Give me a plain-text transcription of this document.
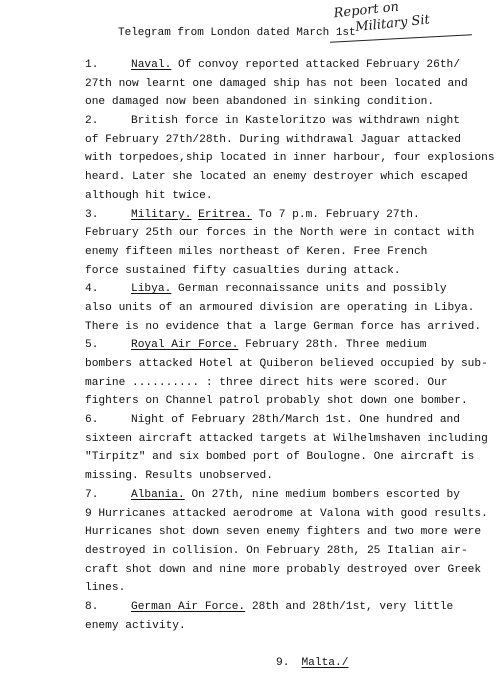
Telegram from London dated March 1st
Report on
Military Sit
1.	Naval. Of convoy reported attacked February 26th/
27th now learnt one damaged ship has not been located and
one damaged now been abandoned in sinking condition.
2.	British force in Kasteloritzo was withdrawn night
of February 27th/28th. During withdrawal Jaguar attacked
with torpedoes,ship located in inner harbour, four explosions
heard. Later she located an enemy destroyer which escaped
although hit twice.
3.	Military. Eritrea. To 7 p.m. February 27th.
February 25th our forces in the North were in contact with
enemy fifteen miles northeast of Keren. Free French
force sustained fifty casualties during attack.
4.	Libya. German reconnaissance units and possibly
also units of an armoured division are operating in Libya.
There is no evidence that a large German force has arrived.
5.	Royal Air Force. February 28th. Three medium
bombers attacked Hotel at Quiberon believed occupied by sub-
marine .......... : three direct hits were scored. Our
fighters on Channel patrol probably shot down one bomber.
6.	Night of February 28th/March 1st. One hundred and
sixteen aircraft attacked targets at Wilhelmshaven including
"Tirpitz" and six bombed port of Boulogne. One aircraft is
missing. Results unobserved.
7.	Albania. On 27th, nine medium bombers escorted by
9 Hurricanes attacked aerodrome at Valona with good results.
Hurricanes shot down seven enemy fighters and two more were
destroyed in collision. On February 28th, 25 Italian air-
craft shot down and nine more probably destroyed over Greek
lines.
8.	German Air Force. 28th and 28th/1st, very little
enemy activity.
9. Malta./
